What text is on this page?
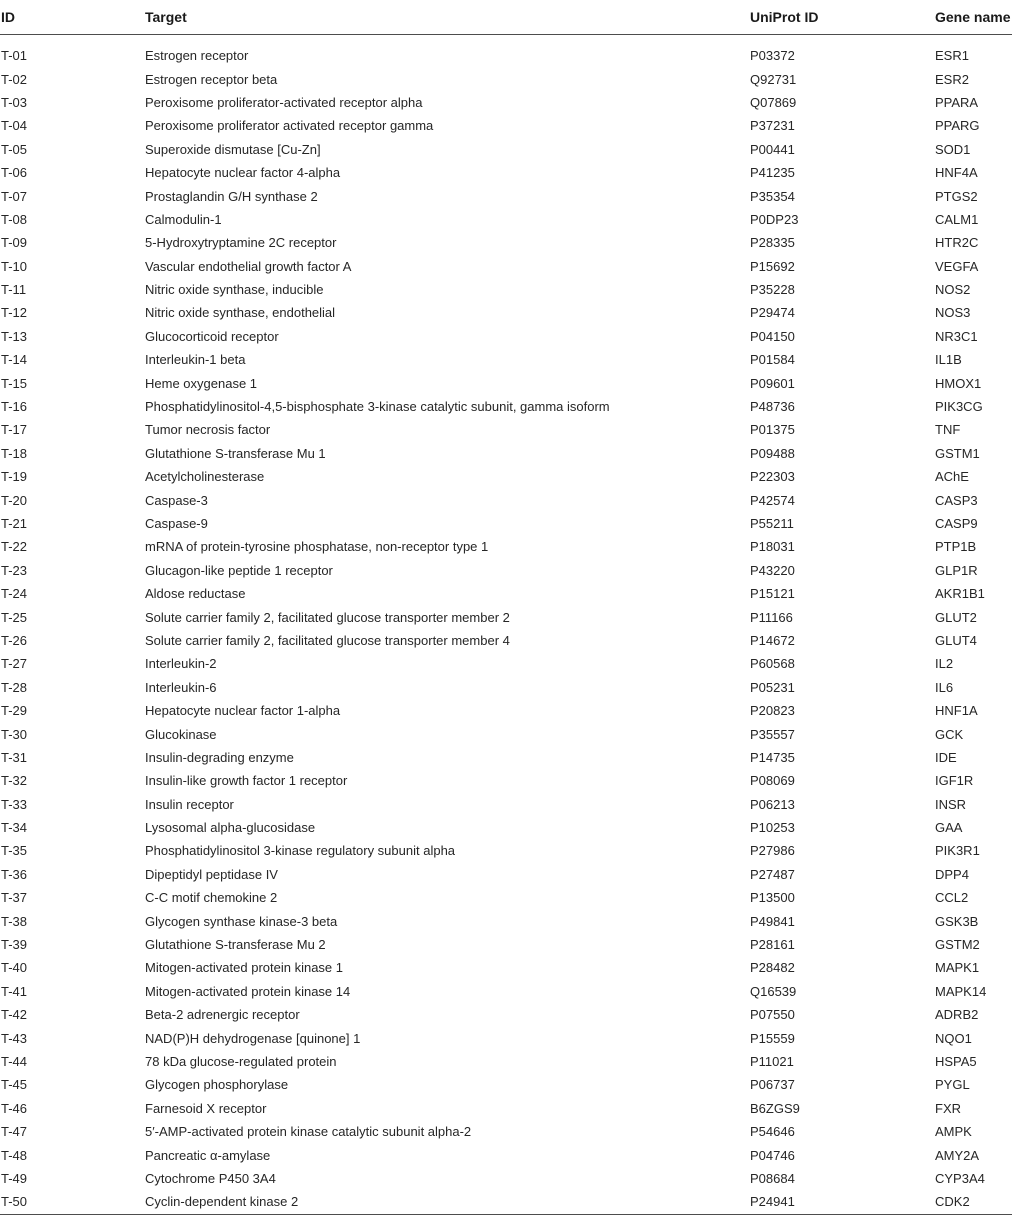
ID	Target	UniProt ID	Gene name
T-01	Estrogen receptor	P03372	ESR1
T-02	Estrogen receptor beta	Q92731	ESR2
T-03	Peroxisome proliferator-activated receptor alpha	Q07869	PPARA
T-04	Peroxisome proliferator activated receptor gamma	P37231	PPARG
T-05	Superoxide dismutase [Cu-Zn]	P00441	SOD1
T-06	Hepatocyte nuclear factor 4-alpha	P41235	HNF4A
T-07	Prostaglandin G/H synthase 2	P35354	PTGS2
T-08	Calmodulin-1	P0DP23	CALM1
T-09	5-Hydroxytryptamine 2C receptor	P28335	HTR2C
T-10	Vascular endothelial growth factor A	P15692	VEGFA
T-11	Nitric oxide synthase, inducible	P35228	NOS2
T-12	Nitric oxide synthase, endothelial	P29474	NOS3
T-13	Glucocorticoid receptor	P04150	NR3C1
T-14	Interleukin-1 beta	P01584	IL1B
T-15	Heme oxygenase 1	P09601	HMOX1
T-16	Phosphatidylinositol-4,5-bisphosphate 3-kinase catalytic subunit, gamma isoform	P48736	PIK3CG
T-17	Tumor necrosis factor	P01375	TNF
T-18	Glutathione S-transferase Mu 1	P09488	GSTM1
T-19	Acetylcholinesterase	P22303	AChE
T-20	Caspase-3	P42574	CASP3
T-21	Caspase-9	P55211	CASP9
T-22	mRNA of protein-tyrosine phosphatase, non-receptor type 1	P18031	PTP1B
T-23	Glucagon-like peptide 1 receptor	P43220	GLP1R
T-24	Aldose reductase	P15121	AKR1B1
T-25	Solute carrier family 2, facilitated glucose transporter member 2	P11166	GLUT2
T-26	Solute carrier family 2, facilitated glucose transporter member 4	P14672	GLUT4
T-27	Interleukin-2	P60568	IL2
T-28	Interleukin-6	P05231	IL6
T-29	Hepatocyte nuclear factor 1-alpha	P20823	HNF1A
T-30	Glucokinase	P35557	GCK
T-31	Insulin-degrading enzyme	P14735	IDE
T-32	Insulin-like growth factor 1 receptor	P08069	IGF1R
T-33	Insulin receptor	P06213	INSR
T-34	Lysosomal alpha-glucosidase	P10253	GAA
T-35	Phosphatidylinositol 3-kinase regulatory subunit alpha	P27986	PIK3R1
T-36	Dipeptidyl peptidase IV	P27487	DPP4
T-37	C-C motif chemokine 2	P13500	CCL2
T-38	Glycogen synthase kinase-3 beta	P49841	GSK3B
T-39	Glutathione S-transferase Mu 2	P28161	GSTM2
T-40	Mitogen-activated protein kinase 1	P28482	MAPK1
T-41	Mitogen-activated protein kinase 14	Q16539	MAPK14
T-42	Beta-2 adrenergic receptor	P07550	ADRB2
T-43	NAD(P)H dehydrogenase [quinone] 1	P15559	NQO1
T-44	78 kDa glucose-regulated protein	P11021	HSPA5
T-45	Glycogen phosphorylase	P06737	PYGL
T-46	Farnesoid X receptor	B6ZGS9	FXR
T-47	5′-AMP-activated protein kinase catalytic subunit alpha-2	P54646	AMPK
T-48	Pancreatic α-amylase	P04746	AMY2A
T-49	Cytochrome P450 3A4	P08684	CYP3A4
T-50	Cyclin-dependent kinase 2	P24941	CDK2
